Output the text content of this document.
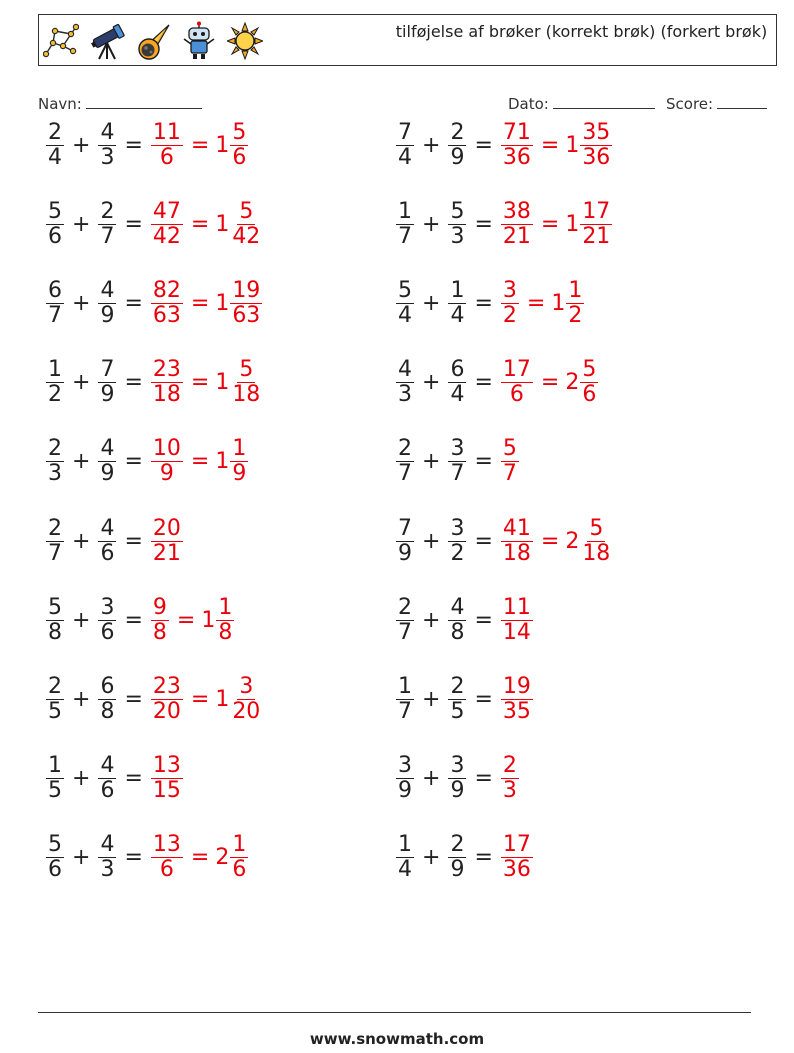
tilføjelse af brøker (korrekt brøk) (forkert brøk)
Navn:	Dato:	Score:
$\frac{2}{4} + \frac{4}{3} = \frac{11}{6} = 1 \frac{5}{6}$
$\frac{5}{6} + \frac{2}{7} = \frac{47}{42} = 1 \frac{5}{42}$
$\frac{6}{7} + \frac{4}{9} = \frac{82}{63} = 1 \frac{19}{63}$
$\frac{1}{2} + \frac{7}{9} = \frac{23}{18} = 1 \frac{5}{18}$
$\frac{2}{3} + \frac{4}{9} = \frac{10}{9} = 1 \frac{1}{9}$
$\frac{2}{7} + \frac{4}{6} = \frac{20}{21}$
$\frac{5}{8} + \frac{3}{6} = \frac{9}{8} = 1 \frac{1}{8}$
$\frac{2}{5} + \frac{6}{8} = \frac{23}{20} = 1 \frac{3}{20}$
$\frac{1}{5} + \frac{4}{6} = \frac{13}{15}$
$\frac{5}{6} + \frac{4}{3} = \frac{13}{6} = 2 \frac{1}{6}$
$\frac{7}{4} + \frac{2}{9} = \frac{71}{36} = 1 \frac{35}{36}$
$\frac{1}{7} + \frac{5}{3} = \frac{38}{21} = 1 \frac{17}{21}$
$\frac{5}{4} + \frac{1}{4} = \frac{3}{2} = 1 \frac{1}{2}$
$\frac{4}{3} + \frac{6}{4} = \frac{17}{6} = 2 \frac{5}{6}$
$\frac{2}{7} + \frac{3}{7} = \frac{5}{7}$
$\frac{7}{9} + \frac{3}{2} = \frac{41}{18} = 2 \frac{5}{18}$
$\frac{2}{7} + \frac{4}{8} = \frac{11}{14}$
$\frac{1}{7} + \frac{2}{5} = \frac{19}{35}$
$\frac{3}{9} + \frac{3}{9} = \frac{2}{3}$
$\frac{1}{4} + \frac{2}{9} = \frac{17}{36}$
www.snowmath.com
